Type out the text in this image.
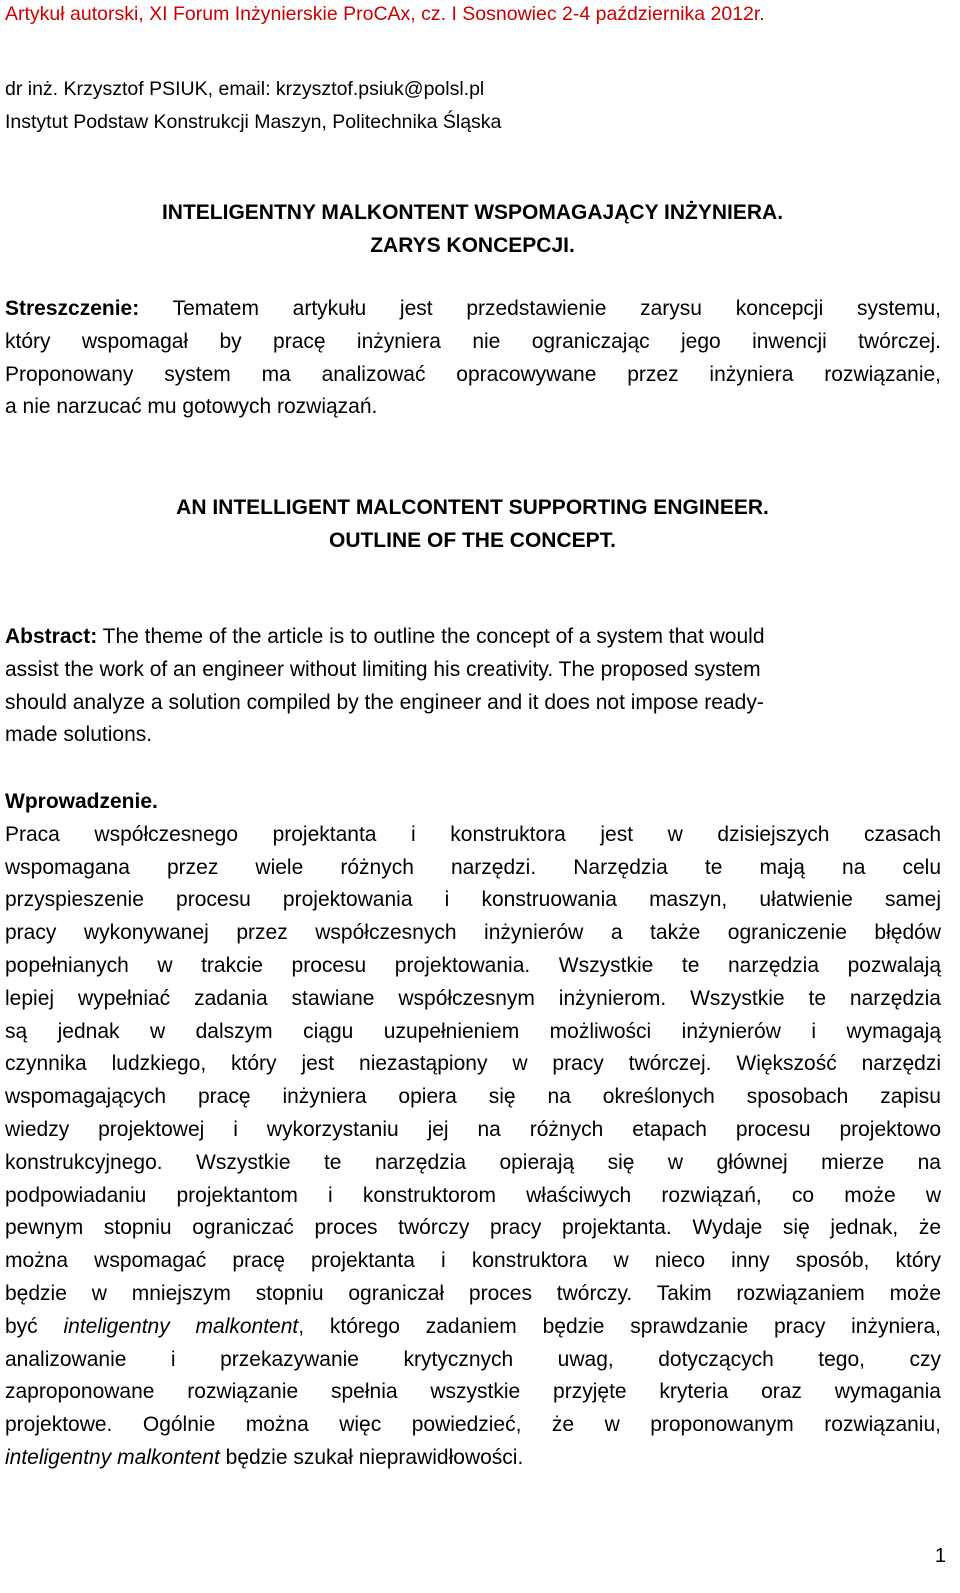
Artykuł autorski, XI Forum Inżynierskie ProCAx, cz. I Sosnowiec 2-4 października 2012r.
dr inż. Krzysztof PSIUK, email: krzysztof.psiuk@polsl.pl
Instytut Podstaw Konstrukcji Maszyn, Politechnika Śląska
INTELIGENTNY MALKONTENT WSPOMAGAJĄCY INŻYNIERA.
ZARYS KONCEPCJI.
Streszczenie: Tematem artykułu jest przedstawienie zarysu koncepcji systemu,
który wspomagał by pracę inżyniera nie ograniczając jego inwencji twórczej.
Proponowany system ma analizować opracowywane przez inżyniera rozwiązanie,
a nie narzucać mu gotowych rozwiązań.
AN INTELLIGENT MALCONTENT SUPPORTING ENGINEER.
OUTLINE OF THE CONCEPT.
Abstract: The theme of the article is to outline the concept of a system that would
assist the work of an engineer without limiting his creativity. The proposed system
should analyze a solution compiled by the engineer and it does not impose ready-
made solutions.
Wprowadzenie.
Praca współczesnego projektanta i konstruktora jest w dzisiejszych czasach
wspomagana przez wiele różnych narzędzi. Narzędzia te mają na celu
przyspieszenie procesu projektowania i konstruowania maszyn, ułatwienie samej
pracy wykonywanej przez współczesnych inżynierów a także ograniczenie błędów
popełnianych w trakcie procesu projektowania. Wszystkie te narzędzia pozwalają
lepiej wypełniać zadania stawiane współczesnym inżynierom. Wszystkie te narzędzia
są jednak w dalszym ciągu uzupełnieniem możliwości inżynierów i wymagają
czynnika ludzkiego, który jest niezastąpiony w pracy twórczej. Większość narzędzi
wspomagających pracę inżyniera opiera się na określonych sposobach zapisu
wiedzy projektowej i wykorzystaniu jej na różnych etapach procesu projektowo
konstrukcyjnego. Wszystkie te narzędzia opierają się w głównej mierze na
podpowiadaniu projektantom i konstruktorom właściwych rozwiązań, co może w
pewnym stopniu ograniczać proces twórczy pracy projektanta. Wydaje się jednak, że
można wspomagać pracę projektanta i konstruktora w nieco inny sposób, który
będzie w mniejszym stopniu ograniczał proces twórczy. Takim rozwiązaniem może
być inteligentny malkontent, którego zadaniem będzie sprawdzanie pracy inżyniera,
analizowanie i przekazywanie krytycznych uwag, dotyczących tego, czy
zaproponowane rozwiązanie spełnia wszystkie przyjęte kryteria oraz wymagania
projektowe. Ogólnie można więc powiedzieć, że w proponowanym rozwiązaniu,
inteligentny malkontent będzie szukał nieprawidłowości.
1
